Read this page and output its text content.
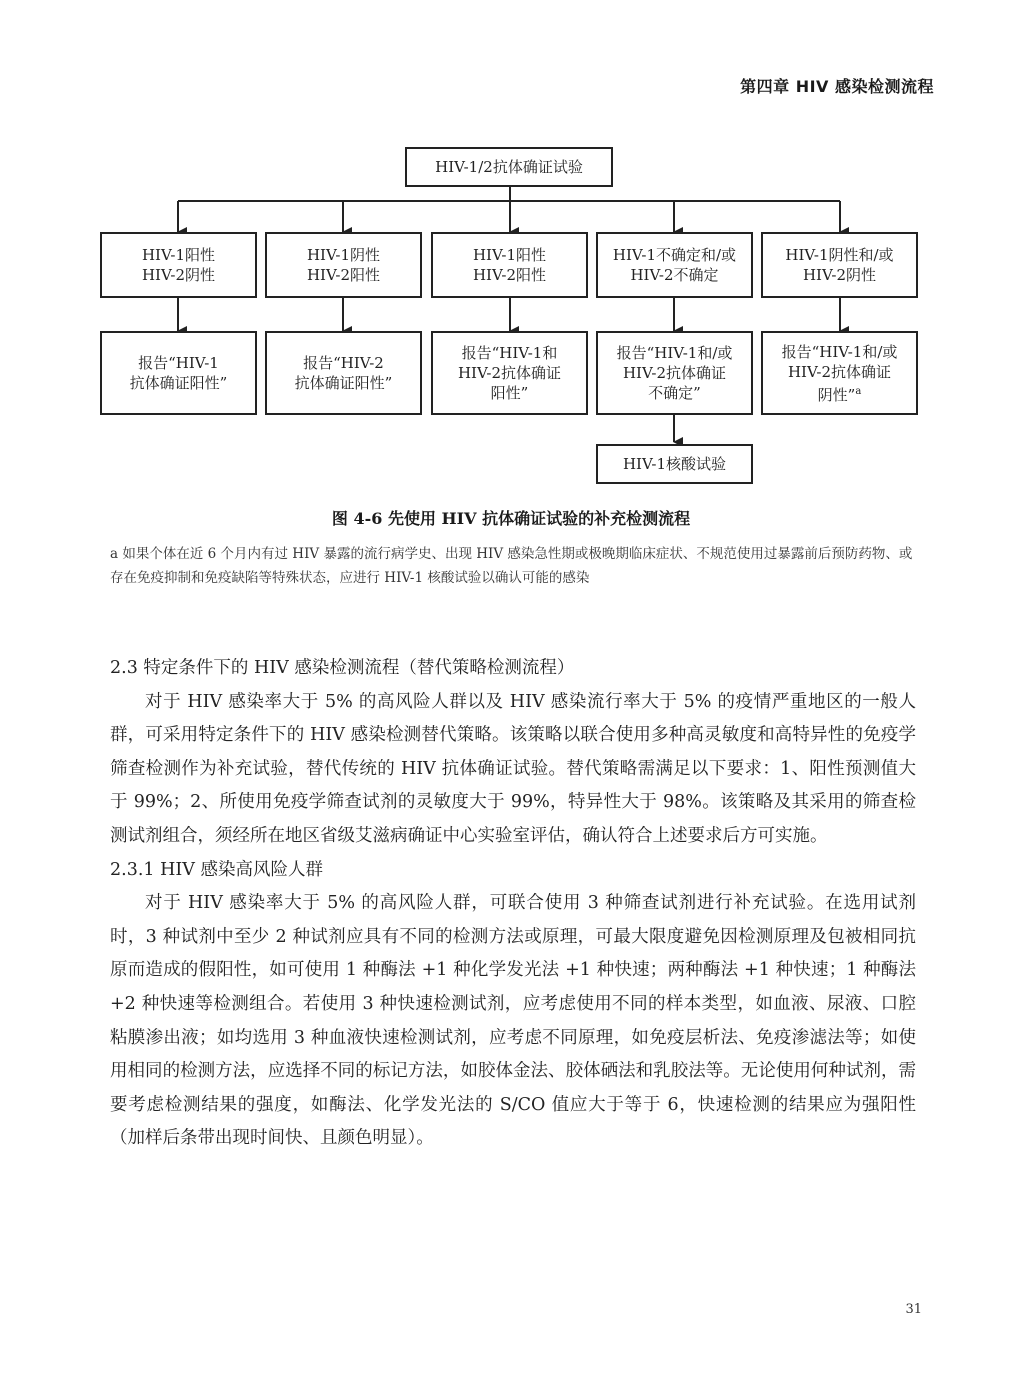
第四章 HIV 感染检测流程
HIV-1/2抗体确证试验
HIV-1阳性
HIV-2阴性
HIV-1阴性
HIV-2阳性
HIV-1阳性
HIV-2阳性
HIV-1不确定和/或
HIV-2不确定
HIV-1阴性和/或
HIV-2阴性
报告“HIV-1
抗体确证阳性”
报告“HIV-2
抗体确证阳性”
报告“HIV-1和
HIV-2抗体确证
阳性”
报告“HIV-1和/或
HIV-2抗体确证
不确定”
报告“HIV-1和/或
HIV-2抗体确证
阴性”$^a$
HIV-1核酸试验
图 4-6 先使用 HIV 抗体确证试验的补充检测流程
a 如果个体在近 6 个月内有过 HIV 暴露的流行病学史、出现 HIV 感染急性期或极晚期临床症状、不规范使用过暴露前后预防药物、或存在免疫抑制和免疫缺陷等特殊状态，应进行 HIV-1 核酸试验以确认可能的感染
2.3 特定条件下的 HIV 感染检测流程（替代策略检测流程）

对于 HIV 感染率大于 5% 的高风险人群以及 HIV 感染流行率大于 5% 的疫情严重地区的一般人群，可采用特定条件下的 HIV 感染检测替代策略。该策略以联合使用多种高灵敏度和高特异性的免疫学筛查检测作为补充试验，替代传统的 HIV 抗体确证试验。替代策略需满足以下要求：1、阳性预测值大于 99%；2、所使用免疫学筛查试剂的灵敏度大于 99%，特异性大于 98%。该策略及其采用的筛查检测试剂组合，须经所在地区省级艾滋病确证中心实验室评估，确认符合上述要求后方可实施。

2.3.1 HIV 感染高风险人群

对于 HIV 感染率大于 5% 的高风险人群，可联合使用 3 种筛查试剂进行补充试验。在选用试剂时，3 种试剂中至少 2 种试剂应具有不同的检测方法或原理，可最大限度避免因检测原理及包被相同抗原而造成的假阳性，如可使用 1 种酶法 +1 种化学发光法 +1 种快速；两种酶法 +1 种快速；1 种酶法 +2 种快速等检测组合。若使用 3 种快速检测试剂，应考虑使用不同的样本类型，如血液、尿液、口腔粘膜渗出液；如均选用 3 种血液快速检测试剂，应考虑不同原理，如免疫层析法、免疫渗滤法等；如使用相同的检测方法，应选择不同的标记方法，如胶体金法、胶体硒法和乳胶法等。无论使用何种试剂，需要考虑检测结果的强度，如酶法、化学发光法的 S/CO 值应大于等于 6，快速检测的结果应为强阳性（加样后条带出现时间快、且颜色明显）。

31
